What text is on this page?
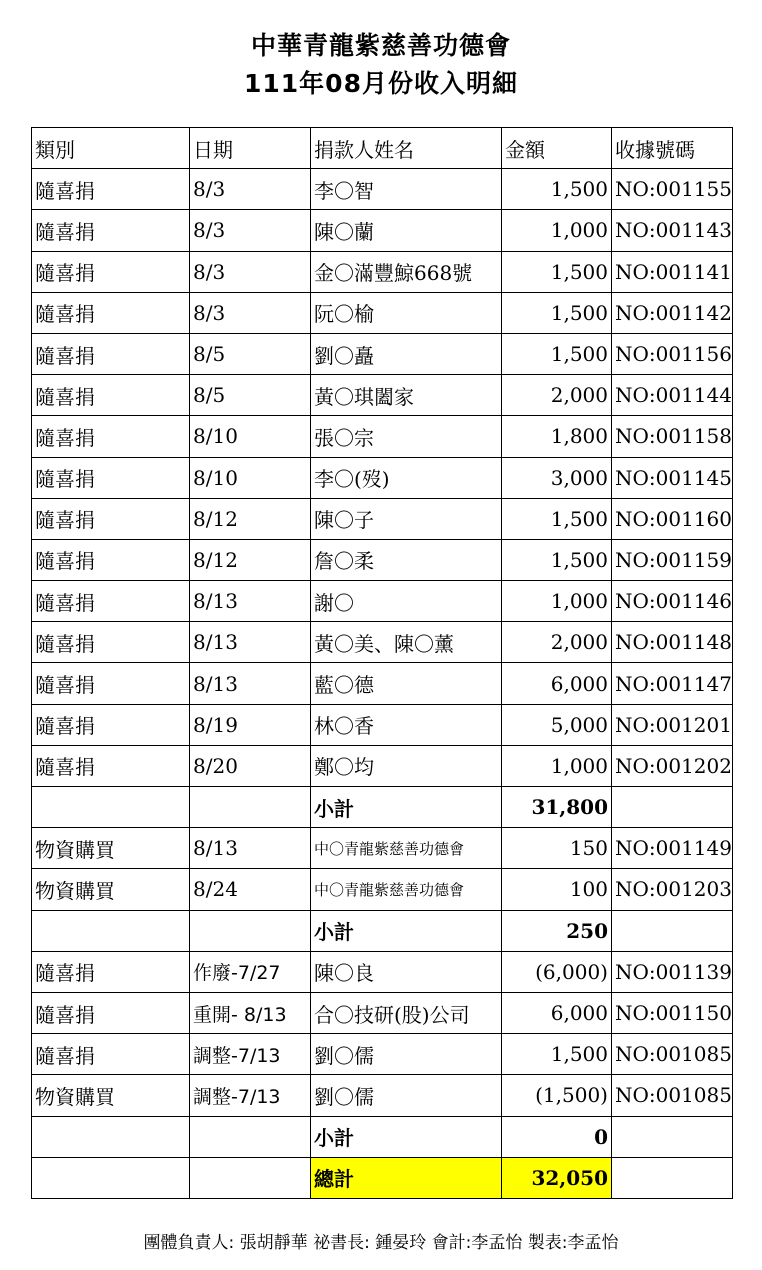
中華青龍紫慈善功德會
111年08月份收入明細
類別	日期	捐款人姓名	金額	收據號碼
隨喜捐	8/3	李〇智	1,500	NO:001155
隨喜捐	8/3	陳〇蘭	1,000	NO:001143
隨喜捐	8/3	金〇滿豐鯨668號	1,500	NO:001141
隨喜捐	8/3	阮〇榆	1,500	NO:001142
隨喜捐	8/5	劉〇矗	1,500	NO:001156
隨喜捐	8/5	黃〇琪闔家	2,000	NO:001144
隨喜捐	8/10	張〇宗	1,800	NO:001158
隨喜捐	8/10	李〇(歿)	3,000	NO:001145
隨喜捐	8/12	陳〇子	1,500	NO:001160
隨喜捐	8/12	詹〇柔	1,500	NO:001159
隨喜捐	8/13	謝〇	1,000	NO:001146
隨喜捐	8/13	黃〇美、陳〇薰	2,000	NO:001148
隨喜捐	8/13	藍〇德	6,000	NO:001147
隨喜捐	8/19	林〇香	5,000	NO:001201
隨喜捐	8/20	鄭〇均	1,000	NO:001202
		小計	31,800	
物資購買	8/13	中〇青龍紫慈善功德會	150	NO:001149
物資購買	8/24	中〇青龍紫慈善功德會	100	NO:001203
		小計	250	
隨喜捐	作廢-7/27	陳〇良	(6,000)	NO:001139
隨喜捐	重開- 8/13	合〇技研(股)公司	6,000	NO:001150
隨喜捐	調整-7/13	劉〇儒	1,500	NO:001085
物資購買	調整-7/13	劉〇儒	(1,500)	NO:001085
		小計	0	
		總計	32,050	
團體負責人: 張胡靜華 祕書長: 鍾晏玲 會計:李孟怡 製表:李孟怡
